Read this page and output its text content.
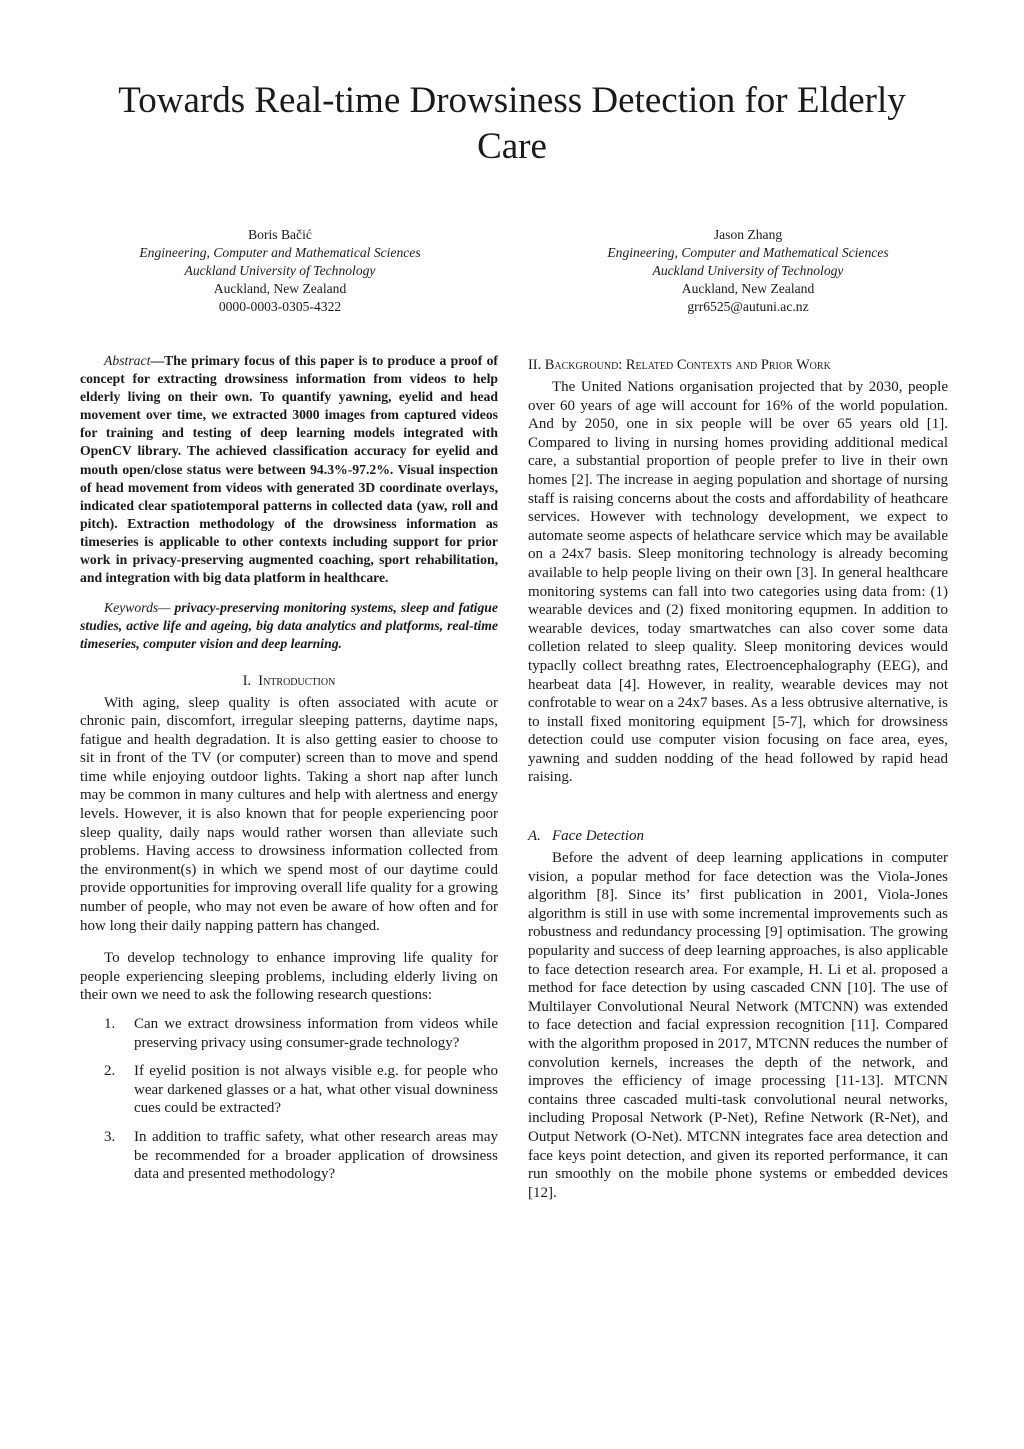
Towards Real-time Drowsiness Detection for Elderly Care
Boris Bačić
Engineering, Computer and Mathematical Sciences
Auckland University of Technology
Auckland, New Zealand
0000-0003-0305-4322
Jason Zhang
Engineering, Computer and Mathematical Sciences
Auckland University of Technology
Auckland, New Zealand
grr6525@autuni.ac.nz

Abstract—The primary focus of this paper is to produce a proof of concept for extracting drowsiness information from videos to help elderly living on their own. To quantify yawning, eyelid and head movement over time, we extracted 3000 images from captured videos for training and testing of deep learning models integrated with OpenCV library. The achieved classification accuracy for eyelid and mouth open/close status were between 94.3%-97.2%. Visual inspection of head movement from videos with generated 3D coordinate overlays, indicated clear spatiotemporal patterns in collected data (yaw, roll and pitch). Extraction methodology of the drowsiness information as timeseries is applicable to other contexts including support for prior work in privacy-preserving augmented coaching, sport rehabilitation, and integration with big data platform in healthcare.

Keywords— privacy-preserving monitoring systems, sleep and fatigue studies, active life and ageing, big data analytics and platforms, real-time timeseries, computer vision and deep learning.

I. Introduction

With aging, sleep quality is often associated with acute or chronic pain, discomfort, irregular sleeping patterns, daytime naps, fatigue and health degradation. It is also getting easier to choose to sit in front of the TV (or computer) screen than to move and spend time while enjoying outdoor lights. Taking a short nap after lunch may be common in many cultures and help with alertness and energy levels. However, it is also known that for people experiencing poor sleep quality, daily naps would rather worsen than alleviate such problems. Having access to drowsiness information collected from the environment(s) in which we spend most of our daytime could provide opportunities for improving overall life quality for a growing number of people, who may not even be aware of how often and for how long their daily napping pattern has changed.

To develop technology to enhance improving life quality for people experiencing sleeping problems, including elderly living on their own we need to ask the following research questions:

1. Can we extract drowsiness information from videos while preserving privacy using consumer-grade technology?
2. If eyelid position is not always visible e.g. for people who wear darkened glasses or a hat, what other visual downiness cues could be extracted?
3. In addition to traffic safety, what other research areas may be recommended for a broader application of drowsiness data and presented methodology?
II. Background: Related Contexts and Prior Work

The United Nations organisation projected that by 2030, people over 60 years of age will account for 16% of the world population. And by 2050, one in six people will be over 65 years old [1]. Compared to living in nursing homes providing additional medical care, a substantial proportion of people prefer to live in their own homes [2]. The increase in aeging population and shortage of nursing staff is raising concerns about the costs and affordability of heathcare services. However with technology development, we expect to automate seome aspects of helathcare service which may be available on a 24x7 basis. Sleep monitoring technology is already becoming available to help people living on their own [3]. In general healthcare monitoring systems can fall into two categories using data from: (1) wearable devices and (2) fixed monitoring equpmen. In addition to wearable devices, today smartwatches can also cover some data colletion related to sleep quality. Sleep monitoring devices would typaclly collect breathng rates, Electroencephalography (EEG), and hearbeat data [4]. However, in reality, wearable devices may not confrotable to wear on a 24x7 bases. As a less obtrusive alternative, is to install fixed monitoring equipment [5-7], which for drowsiness detection could use computer vision focusing on face area, eyes, yawning and sudden nodding of the head followed by rapid head raising.

A. Face Detection

Before the advent of deep learning applications in computer vision, a popular method for face detection was the Viola-Jones algorithm [8]. Since its’ first publication in 2001, Viola-Jones algorithm is still in use with some incremental improvements such as robustness and redundancy processing [9] optimisation. The growing popularity and success of deep learning approaches, is also applicable to face detection research area. For example, H. Li et al. proposed a method for face detection by using cascaded CNN [10]. The use of Multilayer Convolutional Neural Network (MTCNN) was extended to face detection and facial expression recognition [11]. Compared with the algorithm proposed in 2017, MTCNN reduces the number of convolution kernels, increases the depth of the network, and improves the efficiency of image processing [11-13]. MTCNN contains three cascaded multi-task convolutional neural networks, including Proposal Network (P-Net), Refine Network (R-Net), and Output Network (O-Net). MTCNN integrates face area detection and face keys point detection, and given its reported performance, it can run smoothly on the mobile phone systems or embedded devices [12].
